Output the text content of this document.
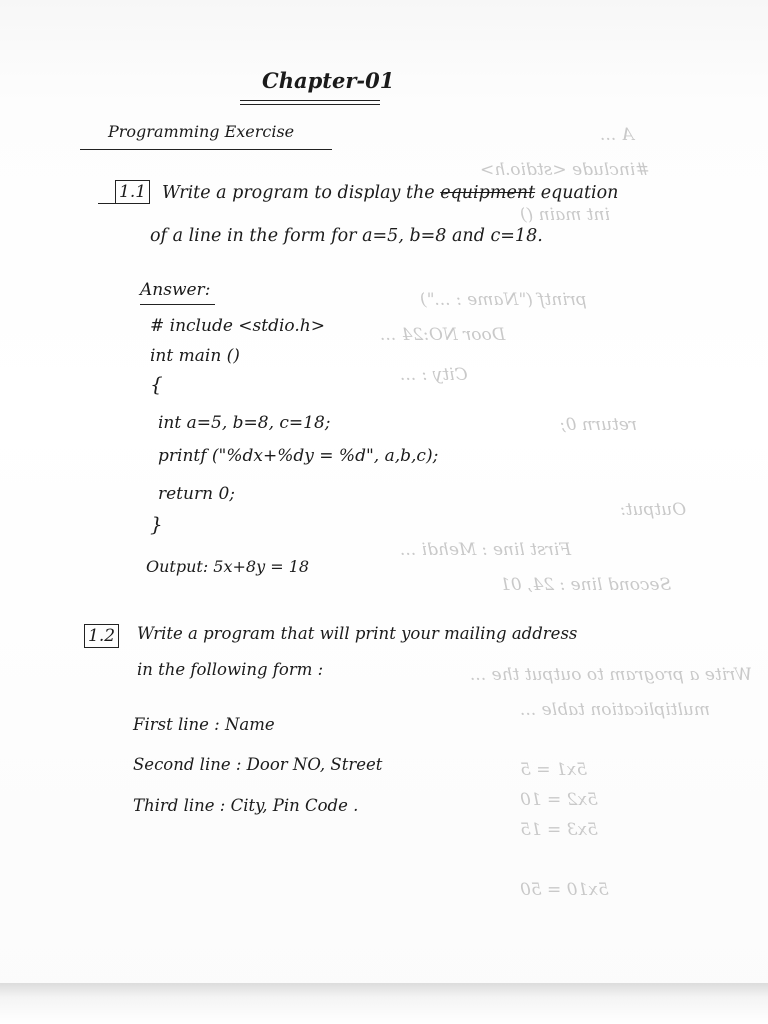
A ...
#include <stdio.h>
int main ()
printf ("Name : ...")
Door NO:24 ...
City : ...
return 0;
Output:
First line : Mehdi ...
Second line : 24, 01
Write a program to output the ...
multiplication table ...
5x1 = 5
5x2 = 10
5x3 = 15
5x10 = 50
Chapter-01
Programming Exercise
1.1 Write a program to display the equipment equation
of a line in the form for a=5, b=8 and c=18.
Answer:
# include <stdio.h>
int main ()
{
int a=5, b=8, c=18;
printf ("%dx+%dy = %d", a,b,c);
return 0;
}
Output: 5x+8y = 18
1.2 Write a program that will print your mailing address
in the following form :
First line : Name
Second line : Door NO, Street
Third line : City, Pin Code .
